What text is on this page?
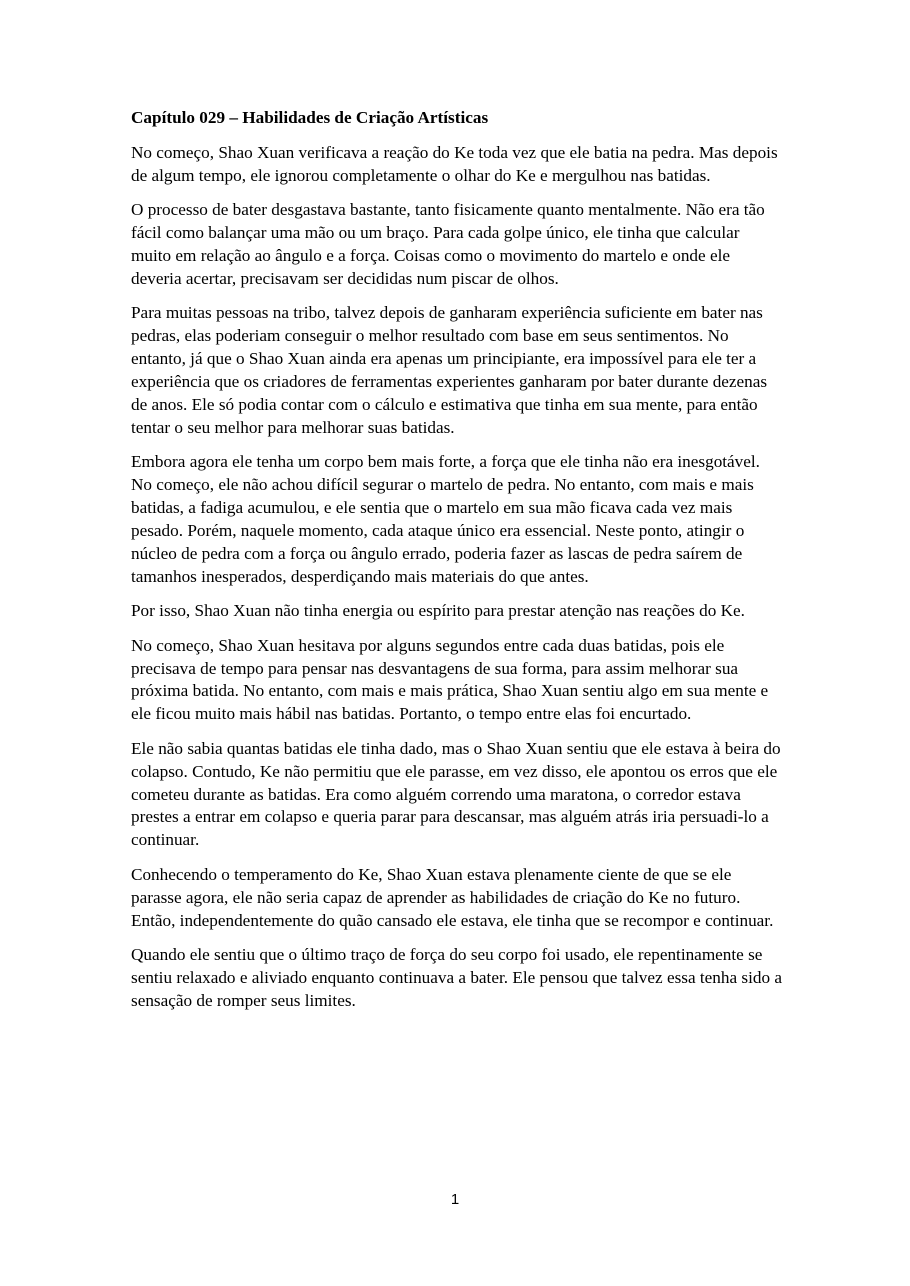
Capítulo 029 – Habilidades de Criação Artísticas

No começo, Shao Xuan verificava a reação do Ke toda vez que ele batia na pedra. Mas depois de algum tempo, ele ignorou completamente o olhar do Ke e mergulhou nas batidas.

O processo de bater desgastava bastante, tanto fisicamente quanto mentalmente. Não era tão fácil como balançar uma mão ou um braço. Para cada golpe único, ele tinha que calcular muito em relação ao ângulo e a força. Coisas como o movimento do martelo e onde ele deveria acertar, precisavam ser decididas num piscar de olhos.

Para muitas pessoas na tribo, talvez depois de ganharam experiência suficiente em bater nas pedras, elas poderiam conseguir o melhor resultado com base em seus sentimentos. No entanto, já que o Shao Xuan ainda era apenas um principiante, era impossível para ele ter a experiência que os criadores de ferramentas experientes ganharam por bater durante dezenas de anos. Ele só podia contar com o cálculo e estimativa que tinha em sua mente, para então tentar o seu melhor para melhorar suas batidas.

Embora agora ele tenha um corpo bem mais forte, a força que ele tinha não era inesgotável. No começo, ele não achou difícil segurar o martelo de pedra. No entanto, com mais e mais batidas, a fadiga acumulou, e ele sentia que o martelo em sua mão ficava cada vez mais pesado. Porém, naquele momento, cada ataque único era essencial. Neste ponto, atingir o núcleo de pedra com a força ou ângulo errado, poderia fazer as lascas de pedra saírem de tamanhos inesperados, desperdiçando mais materiais do que antes.

Por isso, Shao Xuan não tinha energia ou espírito para prestar atenção nas reações do Ke.

No começo, Shao Xuan hesitava por alguns segundos entre cada duas batidas, pois ele precisava de tempo para pensar nas desvantagens de sua forma, para assim melhorar sua próxima batida. No entanto, com mais e mais prática, Shao Xuan sentiu algo em sua mente e ele ficou muito mais hábil nas batidas. Portanto, o tempo entre elas foi encurtado.

Ele não sabia quantas batidas ele tinha dado, mas o Shao Xuan sentiu que ele estava à beira do colapso. Contudo, Ke não permitiu que ele parasse, em vez disso, ele apontou os erros que ele cometeu durante as batidas. Era como alguém correndo uma maratona, o corredor estava prestes a entrar em colapso e queria parar para descansar, mas alguém atrás iria persuadi-lo a continuar.

Conhecendo o temperamento do Ke, Shao Xuan estava plenamente ciente de que se ele parasse agora, ele não seria capaz de aprender as habilidades de criação do Ke no futuro. Então, independentemente do quão cansado ele estava, ele tinha que se recompor e continuar.

Quando ele sentiu que o último traço de força do seu corpo foi usado, ele repentinamente se sentiu relaxado e aliviado enquanto continuava a bater. Ele pensou que talvez essa tenha sido a sensação de romper seus limites.

1
